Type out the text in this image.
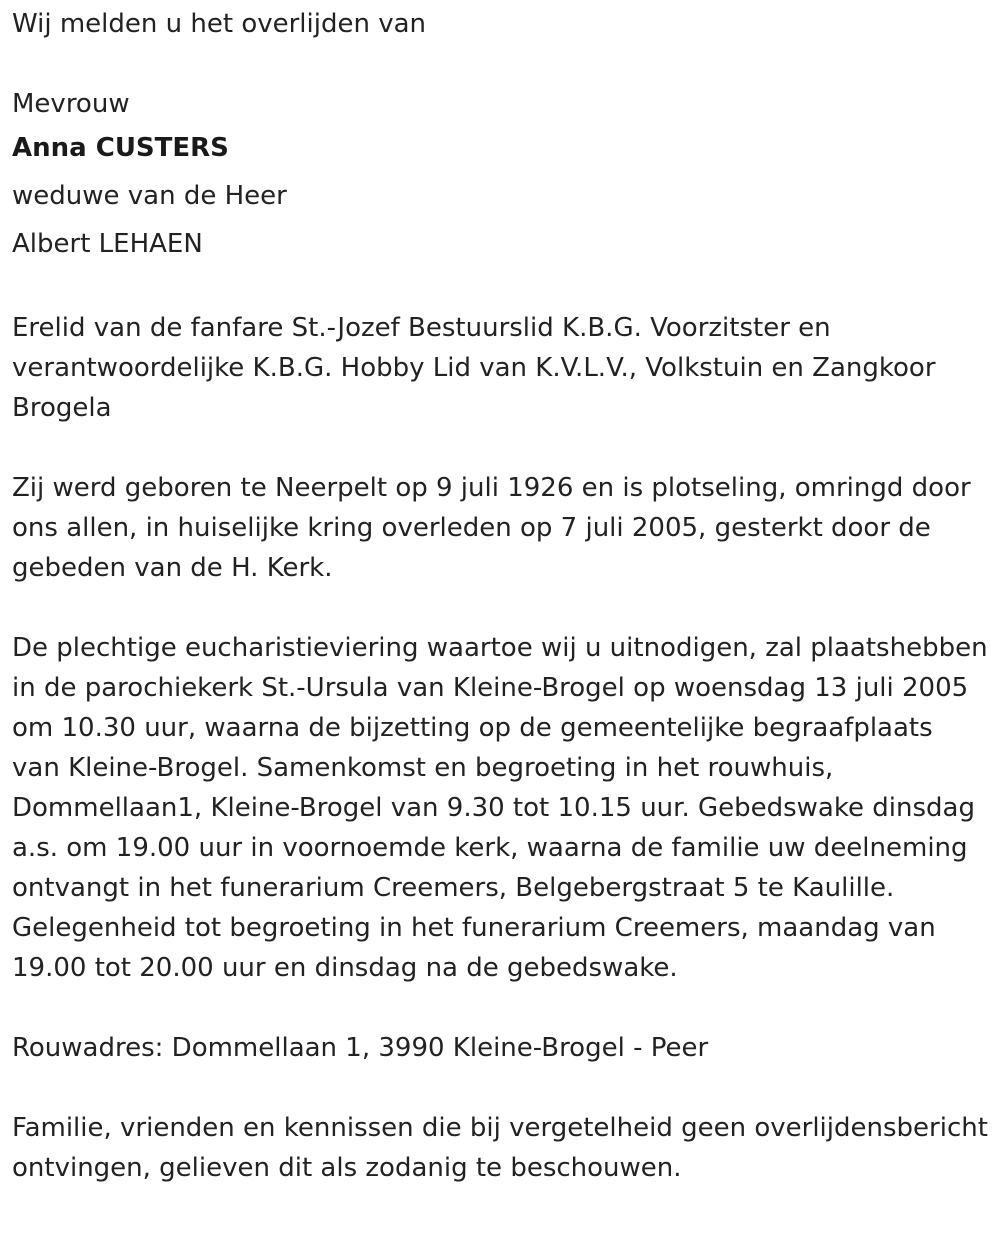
Wij melden u het overlijden van

Mevrouw

Anna CUSTERS

weduwe van de Heer

Albert LEHAEN

Erelid van de fanfare St.-Jozef Bestuurslid K.B.G. Voorzitster en verantwoordelijke K.B.G. Hobby Lid van K.V.L.V., Volkstuin en Zangkoor Brogela

Zij werd geboren te Neerpelt op 9 juli 1926 en is plotseling, omringd door ons allen, in huiselijke kring overleden op 7 juli 2005, gesterkt door de gebeden van de H. Kerk.

De plechtige eucharistieviering waartoe wij u uitnodigen, zal plaatshebben in de parochiekerk St.-Ursula van Kleine-Brogel op woensdag 13 juli 2005 om 10.30 uur, waarna de bijzetting op de gemeentelijke begraafplaats van Kleine-Brogel. Samenkomst en begroeting in het rouwhuis, Dommellaan1, Kleine-Brogel van 9.30 tot 10.15 uur. Gebedswake dinsdag a.s. om 19.00 uur in voornoemde kerk, waarna de familie uw deelneming ontvangt in het funerarium Creemers, Belgebergstraat 5 te Kaulille. Gelegenheid tot begroeting in het funerarium Creemers, maandag van 19.00 tot 20.00 uur en dinsdag na de gebedswake.

Rouwadres: Dommellaan 1, 3990 Kleine-Brogel - Peer

Familie, vrienden en kennissen die bij vergetelheid geen overlijdensbericht ontvingen, gelieven dit als zodanig te beschouwen.
